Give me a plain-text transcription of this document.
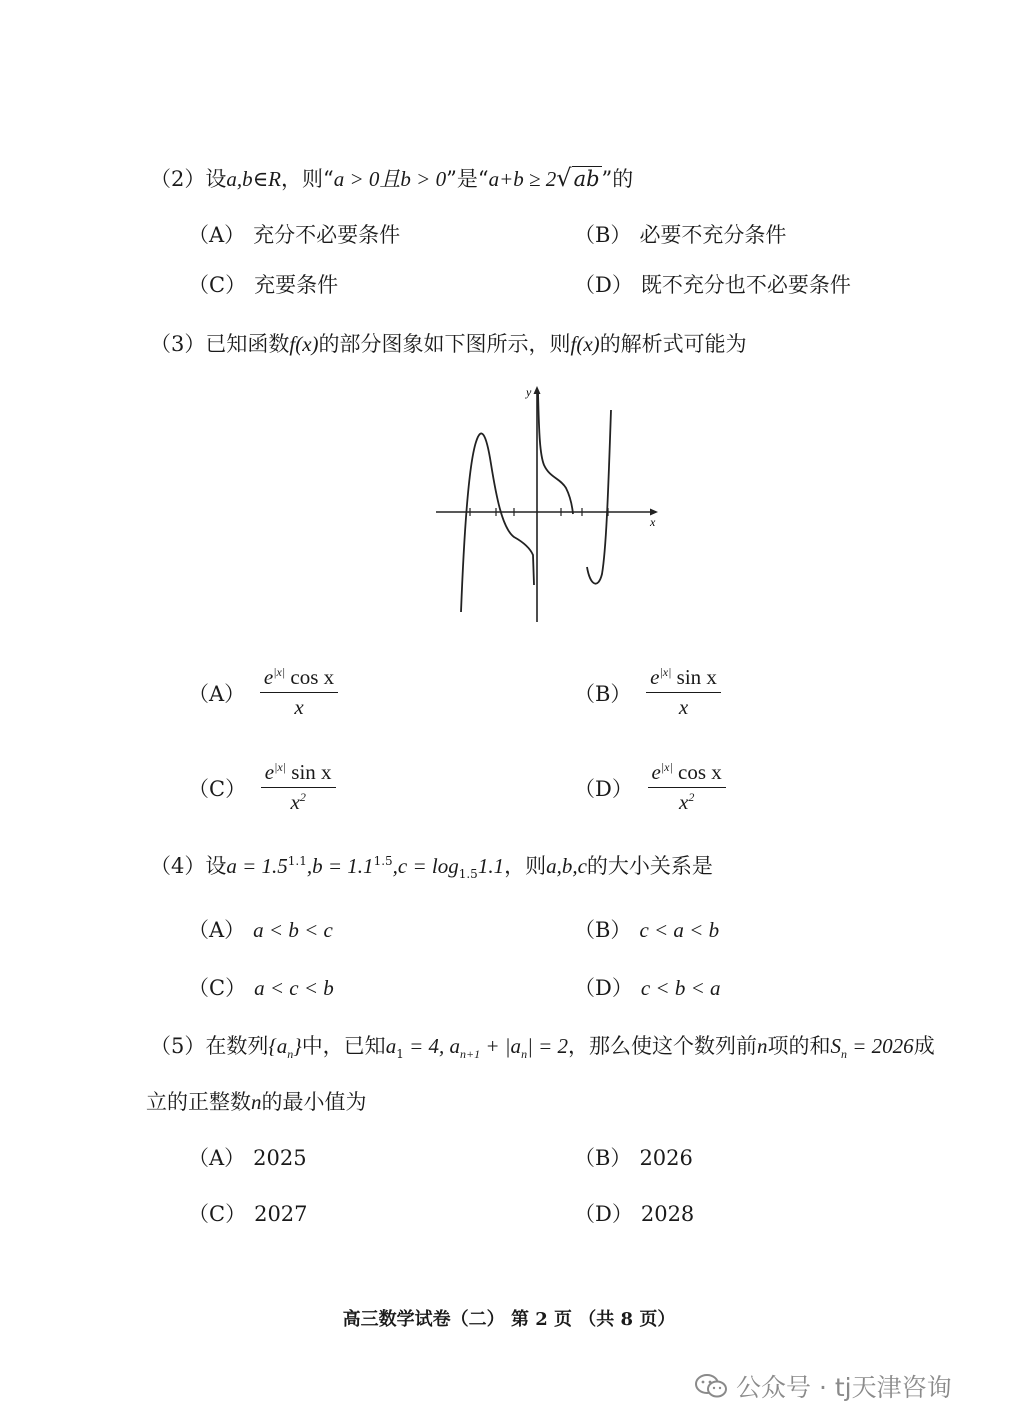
（2）设a,b∈R，则“a > 0且b > 0”是“a+b ≥ 2√ab”的
（A） 充分不必要条件	（B） 必要不充分条件
（C） 充要条件	（D） 既不充分也不必要条件
（3）已知函数f(x)的部分图象如下图所示，则f(x)的解析式可能为
y
x
$(A) \frac{e^{|x|} \cos x}{x}$	$(B) \frac{e^{|x|} \sin x}{x}$
$(C) \frac{e^{|x|} \sin x}{x^2}$	$(D) \frac{e^{|x|} \cos x}{x^2}$
（4）设$a = 1.5^{1.1},b = 1.1^{1.5},c = \log_{1.5}1.1$，则a,b,c的大小关系是
（A） a < b < c	（B） c < a < b
（C） a < c < b	（D） c < b < a
（5）在数列$\{a_n\}$中，已知$a_1 = 4$, $a_{n+1} + |a_n| = 2$，那么使这个数列前n项的和$S_n = 2026$成
立的正整数n的最小值为
（A） 2025	（B） 2026
（C） 2027	（D） 2028
高三数学试卷（二） 第 2 页 （共 8 页）
公众号 · tj天津咨询
